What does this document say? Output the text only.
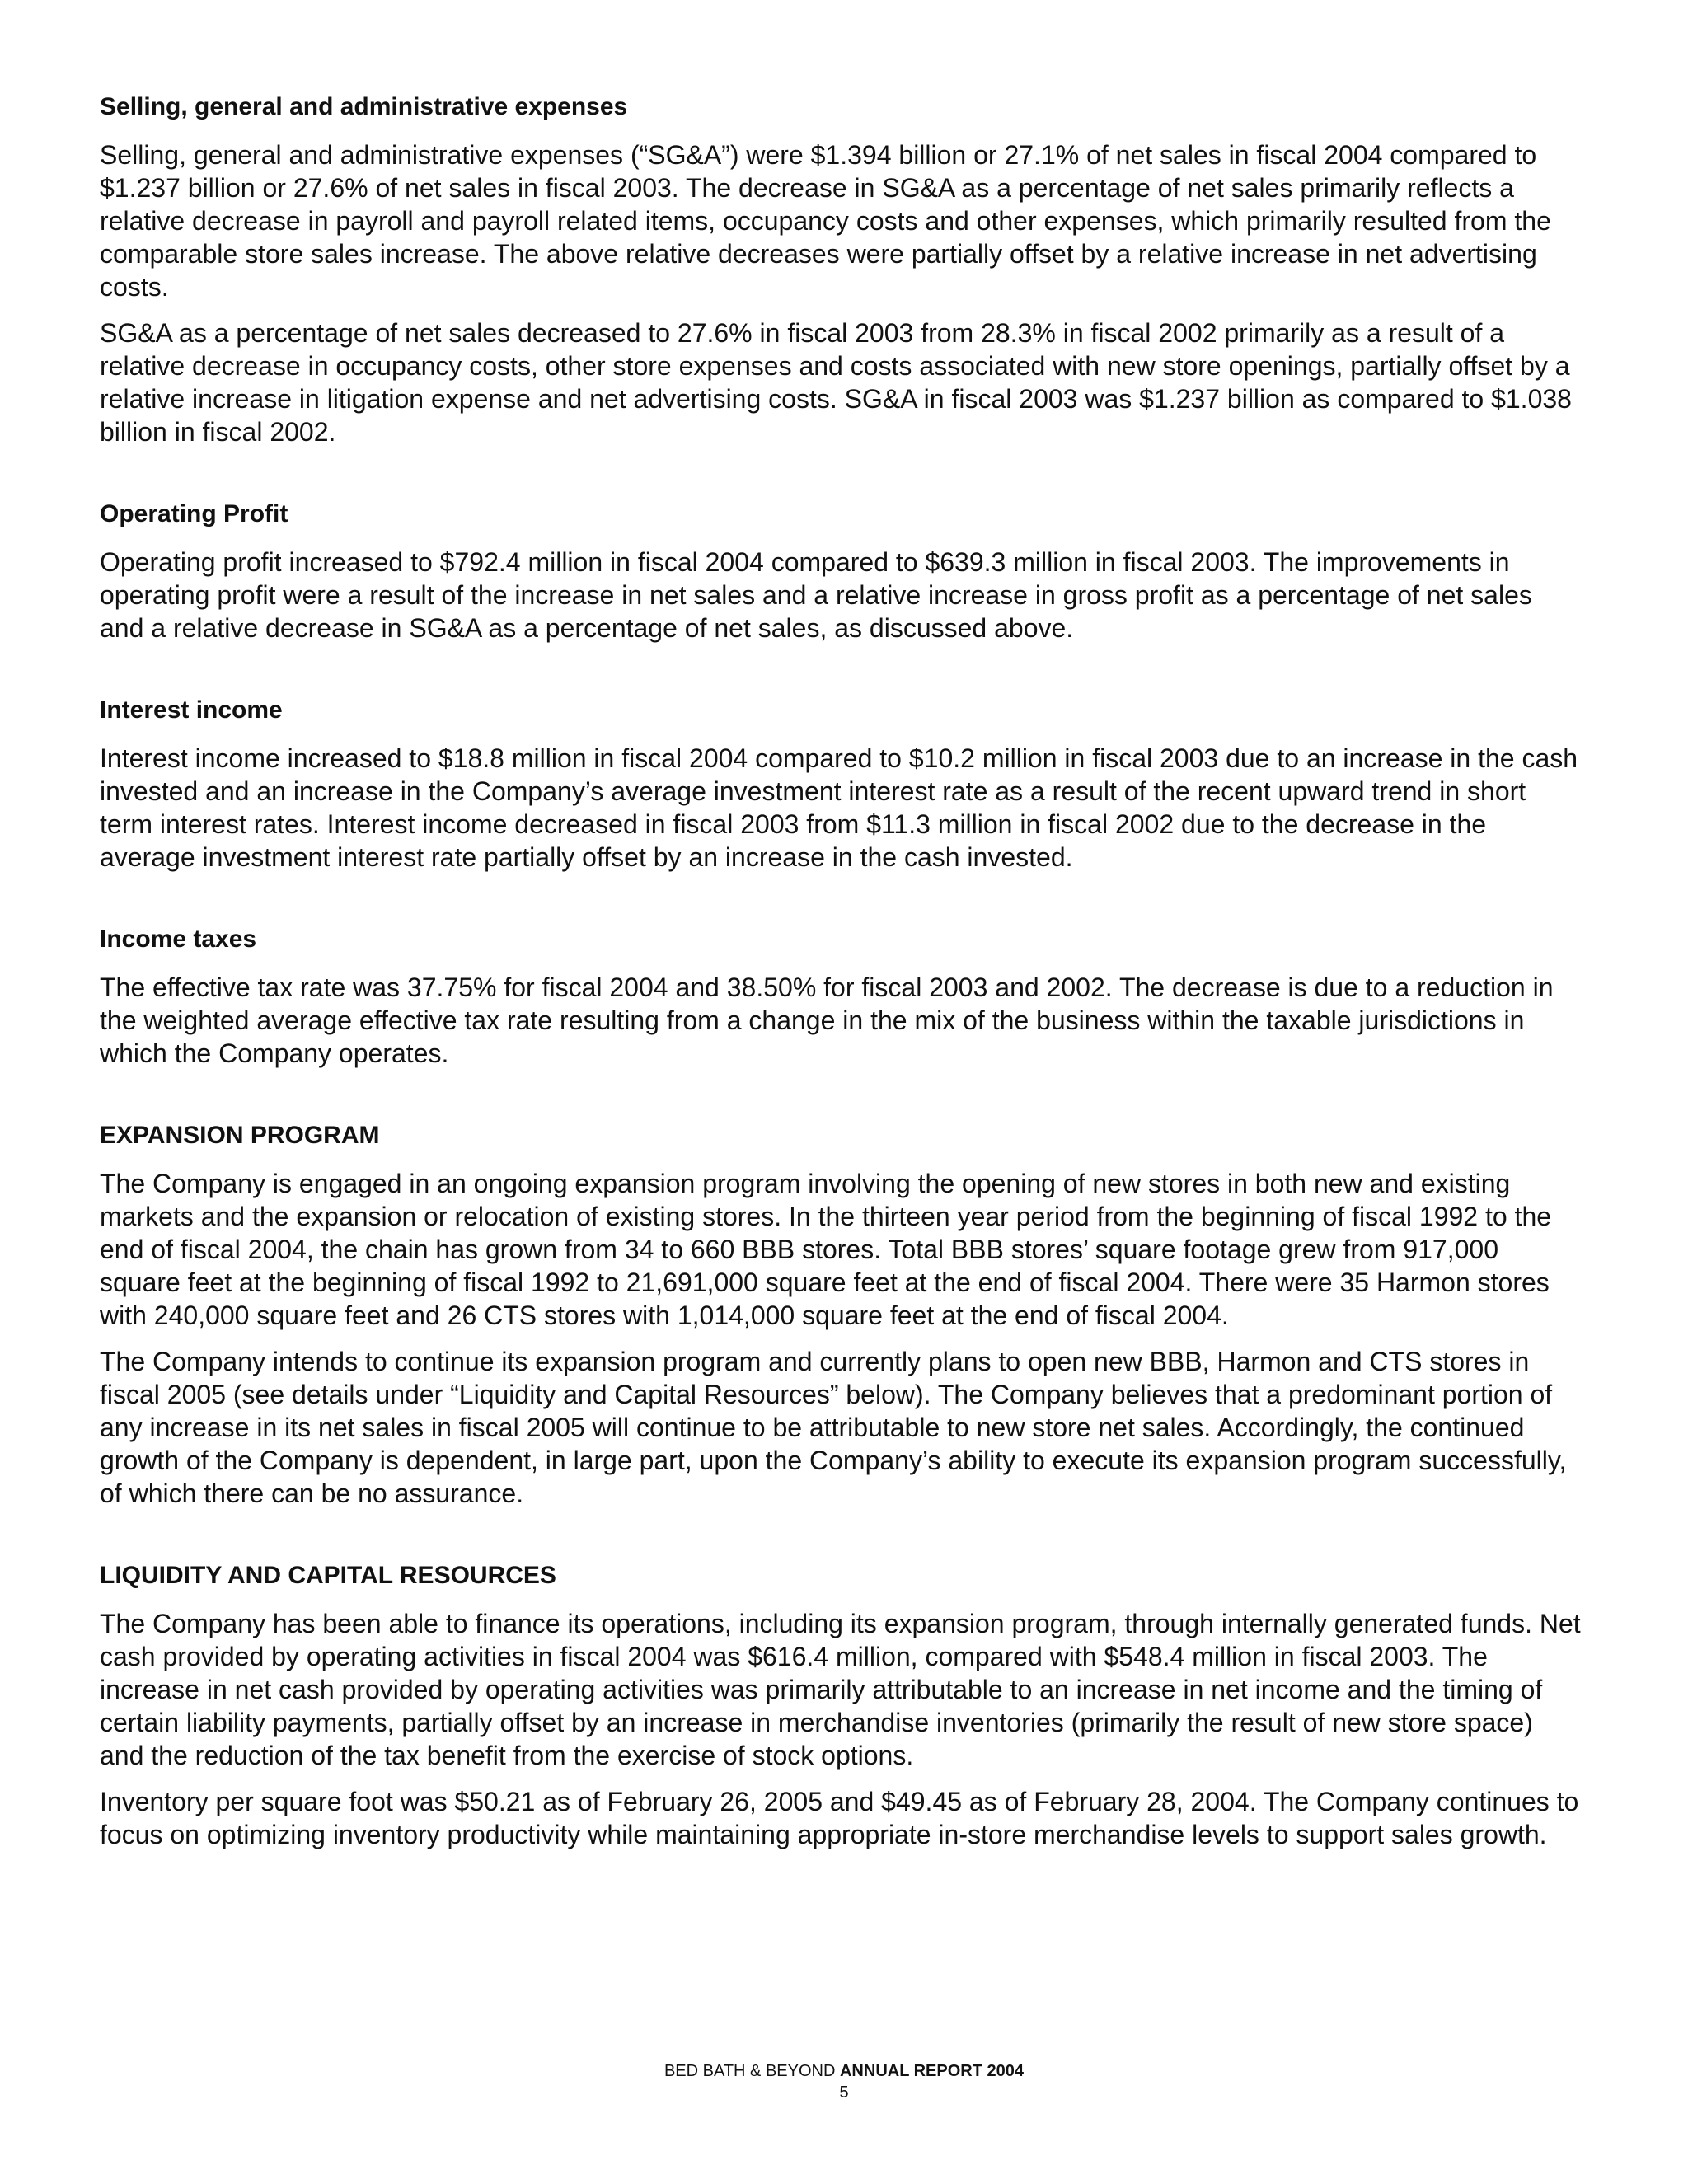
Selling, general and administrative expenses

Selling, general and administrative expenses (“SG&A”) were $1.394 billion or 27.1% of net sales in fiscal 2004 compared to $1.237 billion or 27.6% of net sales in fiscal 2003. The decrease in SG&A as a percentage of net sales primarily reflects a relative decrease in payroll and payroll related items, occupancy costs and other expenses, which primarily resulted from the comparable store sales increase. The above relative decreases were partially offset by a relative increase in net advertising costs.

SG&A as a percentage of net sales decreased to 27.6% in fiscal 2003 from 28.3% in fiscal 2002 primarily as a result of a relative decrease in occupancy costs, other store expenses and costs associated with new store openings, partially offset by a relative increase in litigation expense and net advertising costs. SG&A in fiscal 2003 was $1.237 billion as compared to $1.038 billion in fiscal 2002.

Operating Profit

Operating profit increased to $792.4 million in fiscal 2004 compared to $639.3 million in fiscal 2003. The improvements in operating profit were a result of the increase in net sales and a relative increase in gross profit as a percentage of net sales and a relative decrease in SG&A as a percentage of net sales, as discussed above.

Interest income

Interest income increased to $18.8 million in fiscal 2004 compared to $10.2 million in fiscal 2003 due to an increase in the cash invested and an increase in the Company’s average investment interest rate as a result of the recent upward trend in short term interest rates. Interest income decreased in fiscal 2003 from $11.3 million in fiscal 2002 due to the decrease in the average investment interest rate partially offset by an increase in the cash invested.

Income taxes

The effective tax rate was 37.75% for fiscal 2004 and 38.50% for fiscal 2003 and 2002. The decrease is due to a reduction in the weighted average effective tax rate resulting from a change in the mix of the business within the taxable jurisdictions in which the Company operates.

EXPANSION PROGRAM

The Company is engaged in an ongoing expansion program involving the opening of new stores in both new and existing markets and the expansion or relocation of existing stores. In the thirteen year period from the beginning of fiscal 1992 to the end of fiscal 2004, the chain has grown from 34 to 660 BBB stores. Total BBB stores’ square footage grew from 917,000 square feet at the beginning of fiscal 1992 to 21,691,000 square feet at the end of fiscal 2004. There were 35 Harmon stores with 240,000 square feet and 26 CTS stores with 1,014,000 square feet at the end of fiscal 2004.

The Company intends to continue its expansion program and currently plans to open new BBB, Harmon and CTS stores in fiscal 2005 (see details under “Liquidity and Capital Resources” below). The Company believes that a predominant portion of any increase in its net sales in fiscal 2005 will continue to be attributable to new store net sales. Accordingly, the continued growth of the Company is dependent, in large part, upon the Company’s ability to execute its expansion program successfully, of which there can be no assurance.

LIQUIDITY AND CAPITAL RESOURCES

The Company has been able to finance its operations, including its expansion program, through internally generated funds. Net cash provided by operating activities in fiscal 2004 was $616.4 million, compared with $548.4 million in fiscal 2003. The increase in net cash provided by operating activities was primarily attributable to an increase in net income and the timing of certain liability payments, partially offset by an increase in merchandise inventories (primarily the result of new store space) and the reduction of the tax benefit from the exercise of stock options.

Inventory per square foot was $50.21 as of February 26, 2005 and $49.45 as of February 28, 2004. The Company continues to focus on optimizing inventory productivity while maintaining appropriate in-store merchandise levels to support sales growth.

BED BATH & BEYOND ANNUAL REPORT 2004
5
